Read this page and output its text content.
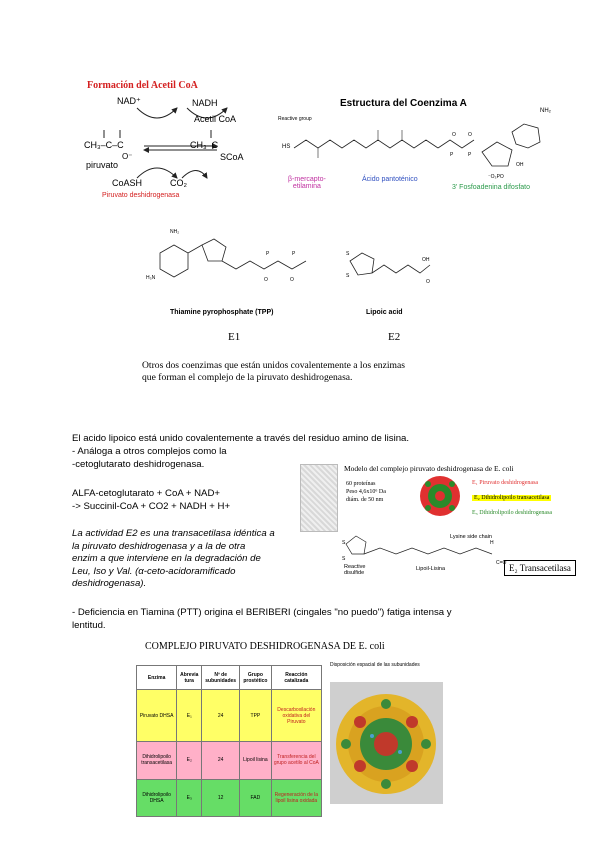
Formación del Acetil CoA
NAD⁺	NADH
Acetil CoA
CH₃–C–C
O⁻
piruvato
CH₃–C
SCoA
CoASH	CO₂
Piruvato deshidrogenasa
Estructura del Coenzima A
Reactive group
O O
P	P
⁻O₃PO
OH
HS
NH₂
β-mercapto-
etilamina
Ácido pantoténico
3' Fosfoadenina difosfato
NH₂
H₃N	O	O
P	P	S
S
OH
O
Thiamine pyrophosphate (TPP)	Lipoic acid
E1	E2
Otros dos coenzimas que están unidos covalentemente a los enzimas
que forman el complejo de la piruvato deshidrogenasa.
El acido lipoico está unido covalentemente a través del residuo amino de lisina.
- Análoga a otros complejos como la
-cetoglutarato deshidrogenasa.
ALFA-cetoglutarato + CoA + NAD+
-> Succinil-CoA + CO2 + NADH + H+
La actividad E2 es una transacetilasa idéntica a
la piruvato deshidrogenasa y a la de otra
enzim a que interviene en la degradación de
Leu, Iso y Val. (α-ceto-acidoramificado
deshidrogenasa).
- Deficiencia en Tiamina (PTT) origina el BERIBERI (cingales "no puedo") fatiga intensa y
lentitud.
Modelo del complejo piruvato deshidrogenasa de E. coli
60 proteínas
Peso 4,6x10⁶ Da
diám. de 50 nm
E₁ Piruvato deshidrogenasa
E₂ Dihidrolipoilo transacetilasa
E₃ Dihidrolipoilo deshidrogenasa
S
S
H
C=O
Lysine side chain
Reactive
disulfide
Lipoil-Lisina	E₂ Transacetilasa
COMPLEJO PIRUVATO DESHIDROGENASA DE E. coli
Enzima	Abrevia tura	Nº de subunidades	Grupo prostético	Reacción catalizada
Piruvato DHSA	E₁	24	TPP	Descarboxilación oxidativa del Piruvato
Dihidrolipoilo transacetilasa	E₂	24	Lipoil lisina	Transferencia del grupo acetilo al CoA
Dihidrolipoilo DHSA	E₃	12	FAD	Regeneración de la lipoil lisina oxidada
Disposición espacial de las subunidades
